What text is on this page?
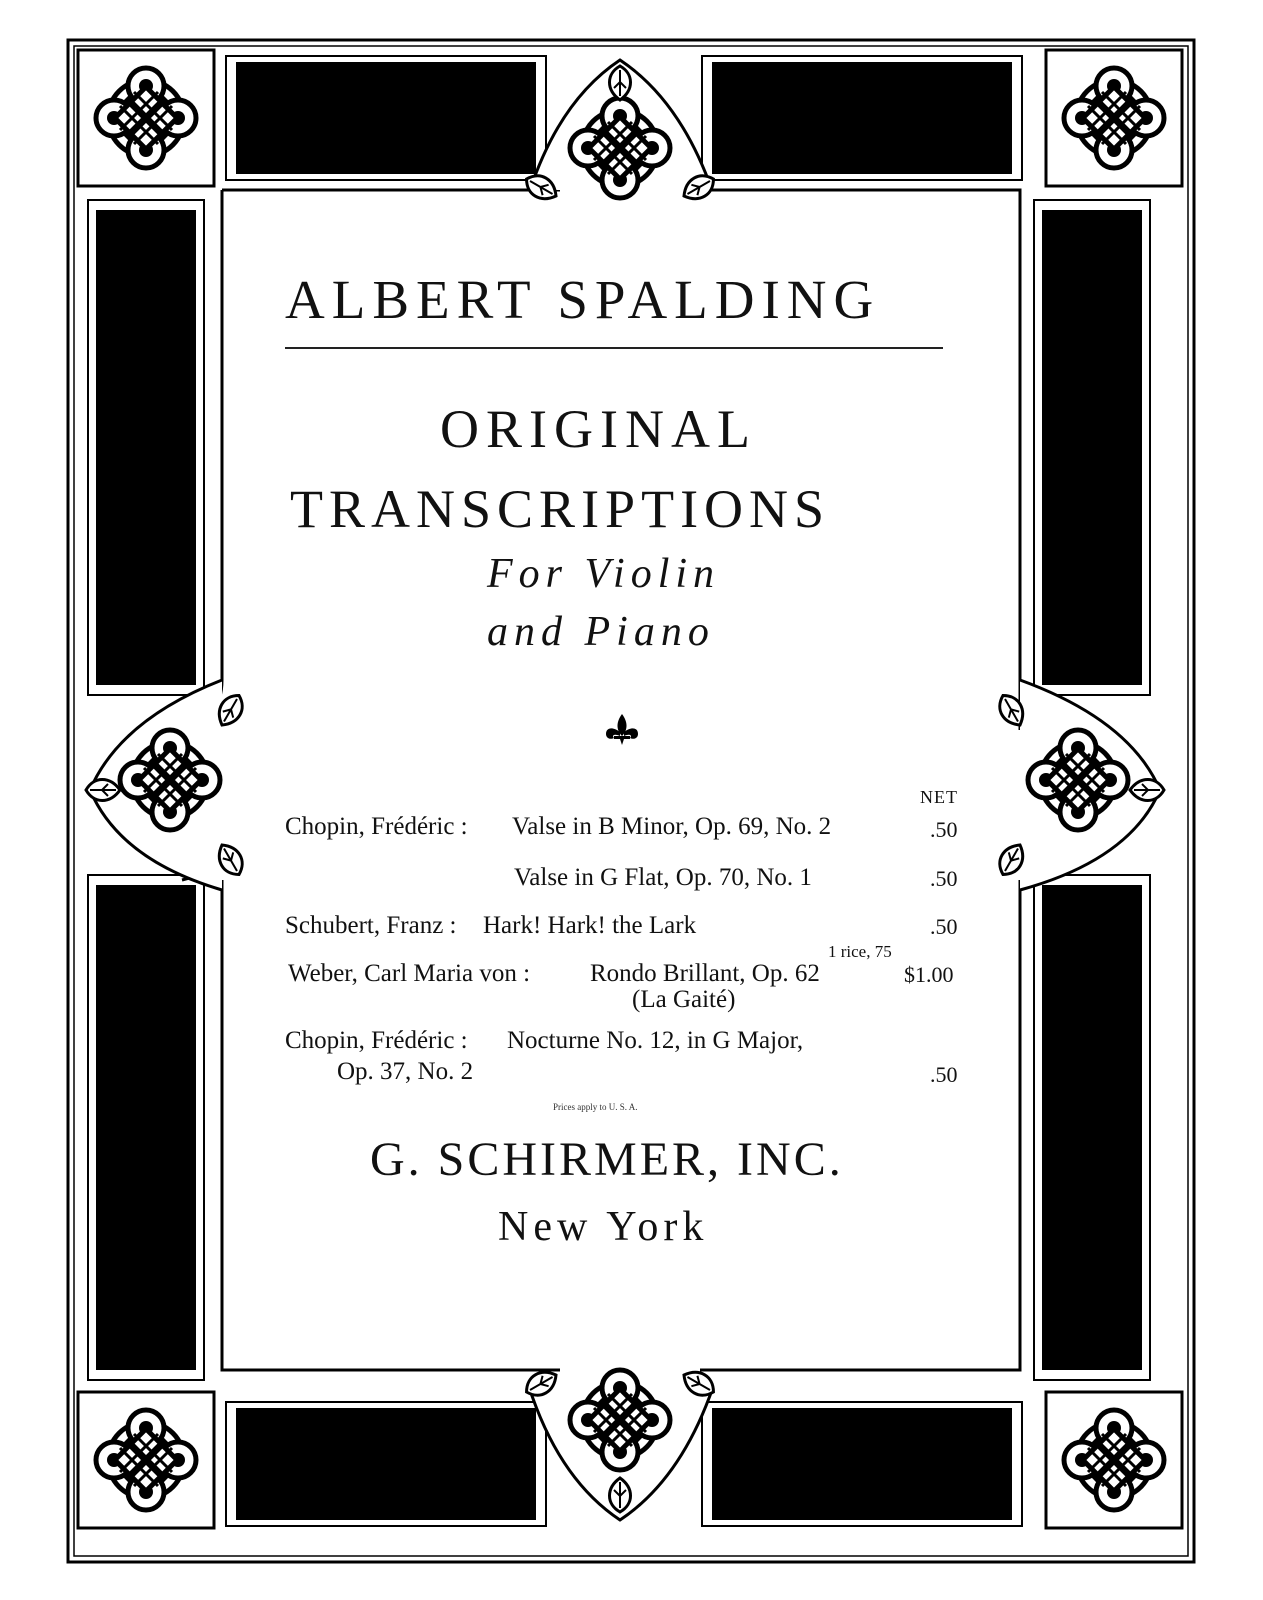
ALBERT SPALDING
ORIGINAL
TRANSCRIPTIONS
For Violin
and Piano
NET
Chopin, Frédéric : Valse in B Minor, Op. 69, No. 2	.50
Valse in G Flat, Op. 70, No. 1	.50
Schubert, Franz : Hark! Hark! the Lark	.50
1 rice, 75
Weber, Carl Maria von : Rondo Brillant, Op. 62	$1.00
(La Gaité)
Chopin, Frédéric : Nocturne No. 12, in G Major,
Op. 37, No. 2	.50
Prices apply to U. S. A.
G. SCHIRMER, INC.
New York
